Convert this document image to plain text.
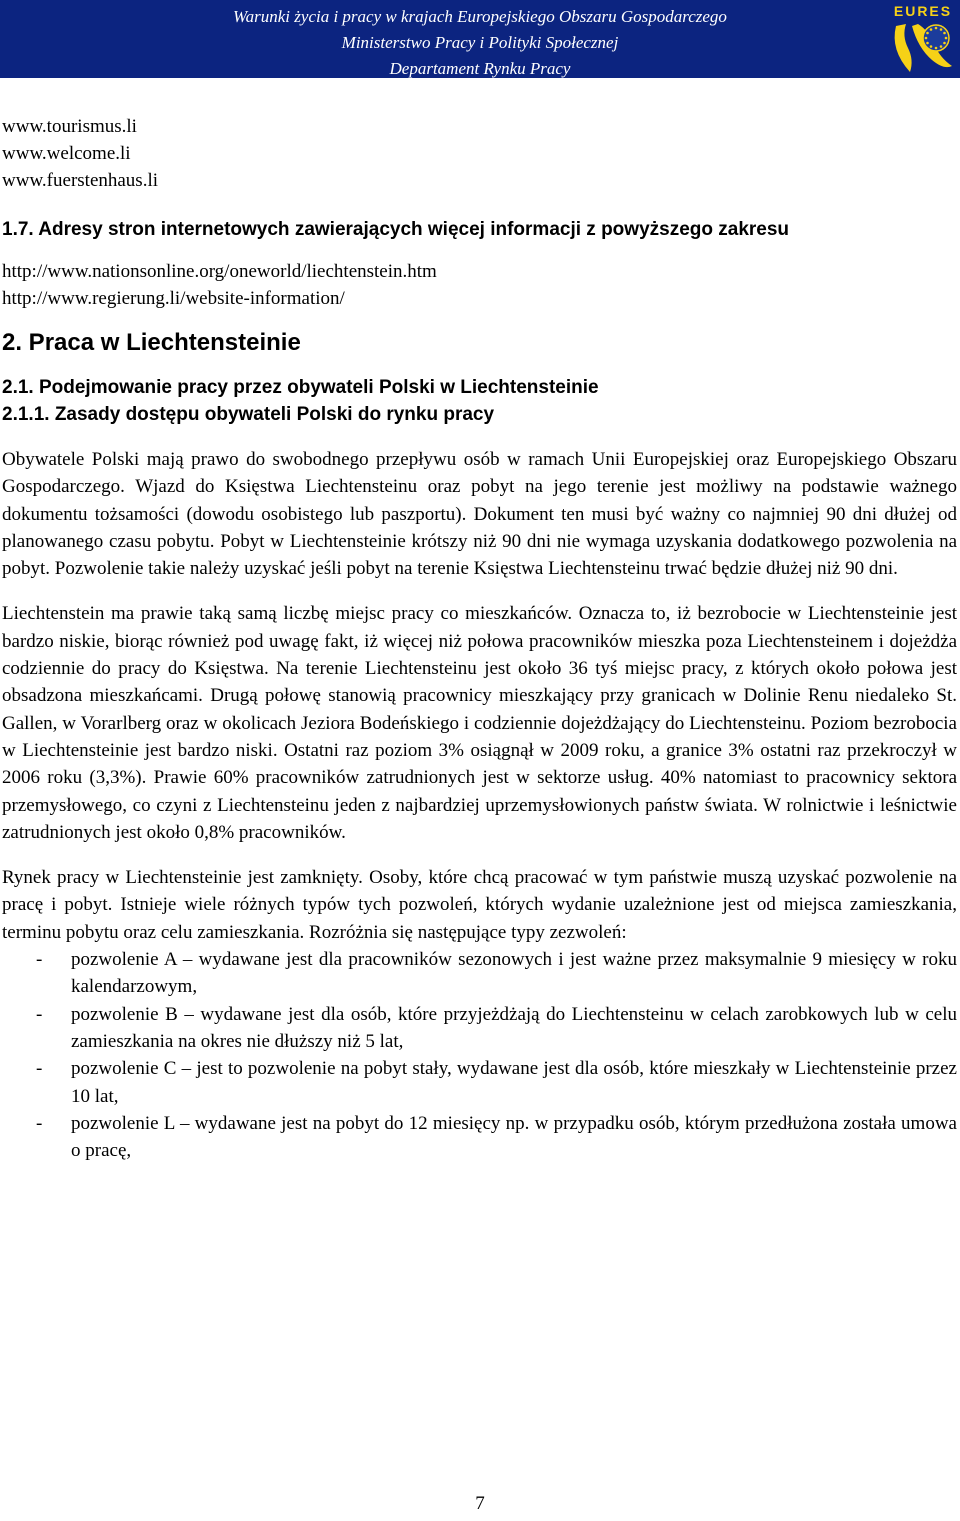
Warunki życia i pracy w krajach Europejskiego Obszaru Gospodarczego
Ministerstwo Pracy i Polityki Społecznej
Departament Rynku Pracy
EURES
www.tourismus.li
www.welcome.li
www.fuerstenhaus.li
1.7. Adresy stron internetowych zawierających więcej informacji z powyższego zakresu
http://www.nationsonline.org/oneworld/liechtenstein.htm
http://www.regierung.li/website-information/
2. Praca w Liechtensteinie
2.1. Podejmowanie pracy przez obywateli Polski w Liechtensteinie
2.1.1. Zasady dostępu obywateli Polski do rynku pracy

Obywatele Polski mają prawo do swobodnego przepływu osób w ramach Unii Europejskiej oraz Europejskiego Obszaru Gospodarczego. Wjazd do Księstwa Liechtensteinu oraz pobyt na jego terenie jest możliwy na podstawie ważnego dokumentu tożsamości (dowodu osobistego lub paszportu). Dokument ten musi być ważny co najmniej 90 dni dłużej od planowanego czasu pobytu. Pobyt w Liechtensteinie krótszy niż 90 dni nie wymaga uzyskania dodatkowego pozwolenia na pobyt. Pozwolenie takie należy uzyskać jeśli pobyt na terenie Księstwa Liechtensteinu trwać będzie dłużej niż 90 dni.

Liechtenstein ma prawie taką samą liczbę miejsc pracy co mieszkańców. Oznacza to, iż bezrobocie w Liechtensteinie jest bardzo niskie, biorąc również pod uwagę fakt, iż więcej niż połowa pracowników mieszka poza Liechtensteinem i dojeżdża codziennie do pracy do Księstwa. Na terenie Liechtensteinu jest około 36 tyś miejsc pracy, z których około połowa jest obsadzona mieszkańcami. Drugą połowę stanowią pracownicy mieszkający przy granicach w Dolinie Renu niedaleko St. Gallen, w Vorarlberg oraz w okolicach Jeziora Bodeńskiego i codziennie dojeżdżający do Liechtensteinu. Poziom bezrobocia w Liechtensteinie jest bardzo niski. Ostatni raz poziom 3% osiągnął w 2009 roku, a granice 3% ostatni raz przekroczył w 2006 roku (3,3%). Prawie 60% pracowników zatrudnionych jest w sektorze usług. 40% natomiast to pracownicy sektora przemysłowego, co czyni z Liechtensteinu jeden z najbardziej uprzemysłowionych państw świata. W rolnictwie i leśnictwie zatrudnionych jest około 0,8% pracowników.

Rynek pracy w Liechtensteinie jest zamknięty. Osoby, które chcą pracować w tym państwie muszą uzyskać pozwolenie na pracę i pobyt. Istnieje wiele różnych typów tych pozwoleń, których wydanie uzależnione jest od miejsca zamieszkania, terminu pobytu oraz celu zamieszkania. Rozróżnia się następujące typy zezwoleń:

- pozwolenie A – wydawane jest dla pracowników sezonowych i jest ważne przez maksymalnie 9 miesięcy w roku kalendarzowym,
- pozwolenie B – wydawane jest dla osób, które przyjeżdżają do Liechtensteinu w celach zarobkowych lub w celu zamieszkania na okres nie dłuższy niż 5 lat,
- pozwolenie C – jest to pozwolenie na pobyt stały, wydawane jest dla osób, które mieszkały w Liechtensteinie przez 10 lat,
- pozwolenie L – wydawane jest na pobyt do 12 miesięcy np. w przypadku osób, którym przedłużona została umowa o pracę,
7
